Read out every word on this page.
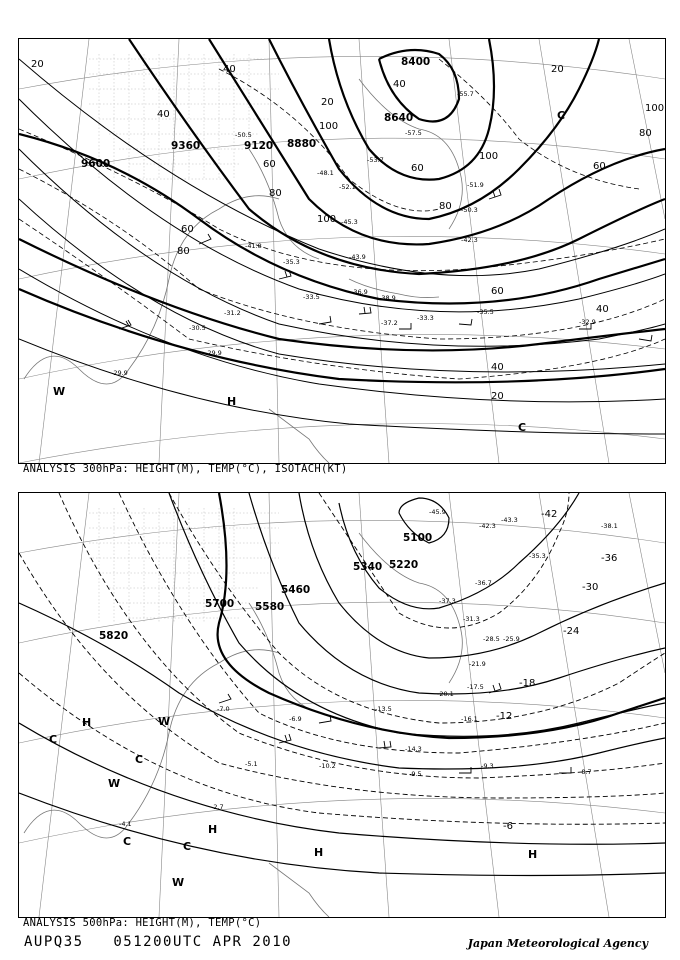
9600
9360	9120 8880
8640
8400
20	40
60
80
100
40
60
80
100
20
40
60
80
100
60
40
20
20
40
60
80
100
H
C
C
W
-29.9
-30.5
-31.2
-33.5
-35.3
-36.9
-37.2
-33.3
-35.5
-32.9
-29.9
-41.8
-43.9
-45.3
-48.1
-50.5
-52.1
-53.7
-55.7
-57.5
-51.9
-50.3
-42.3
-38.9
ANALYSIS 300hPa: HEIGHT(M), TEMP(°C), ISOTACH(KT)
5820
5700 5580
5460
5340 5220
5100
-42
-36
-30
-24
-18
-12
-6
H
C
W
C
W
C
H
C
W
H	H
-45.9
-42.3
-43.3
-38.1
-35.3
-36.7
-37.3
-31.3
-28.5 -25.9
-21.9
-20.1
-17.5
-16.1
-14.3
-13.5
-10.2
-9.5
-9.3
-8.7
-7.0
-6.9
-5.1
-4.1
-2.7
ANALYSIS 500hPa: HEIGHT(M), TEMP(°C)
AUPQ35 051200UTC APR 2010	Japan Meteorological Agency
